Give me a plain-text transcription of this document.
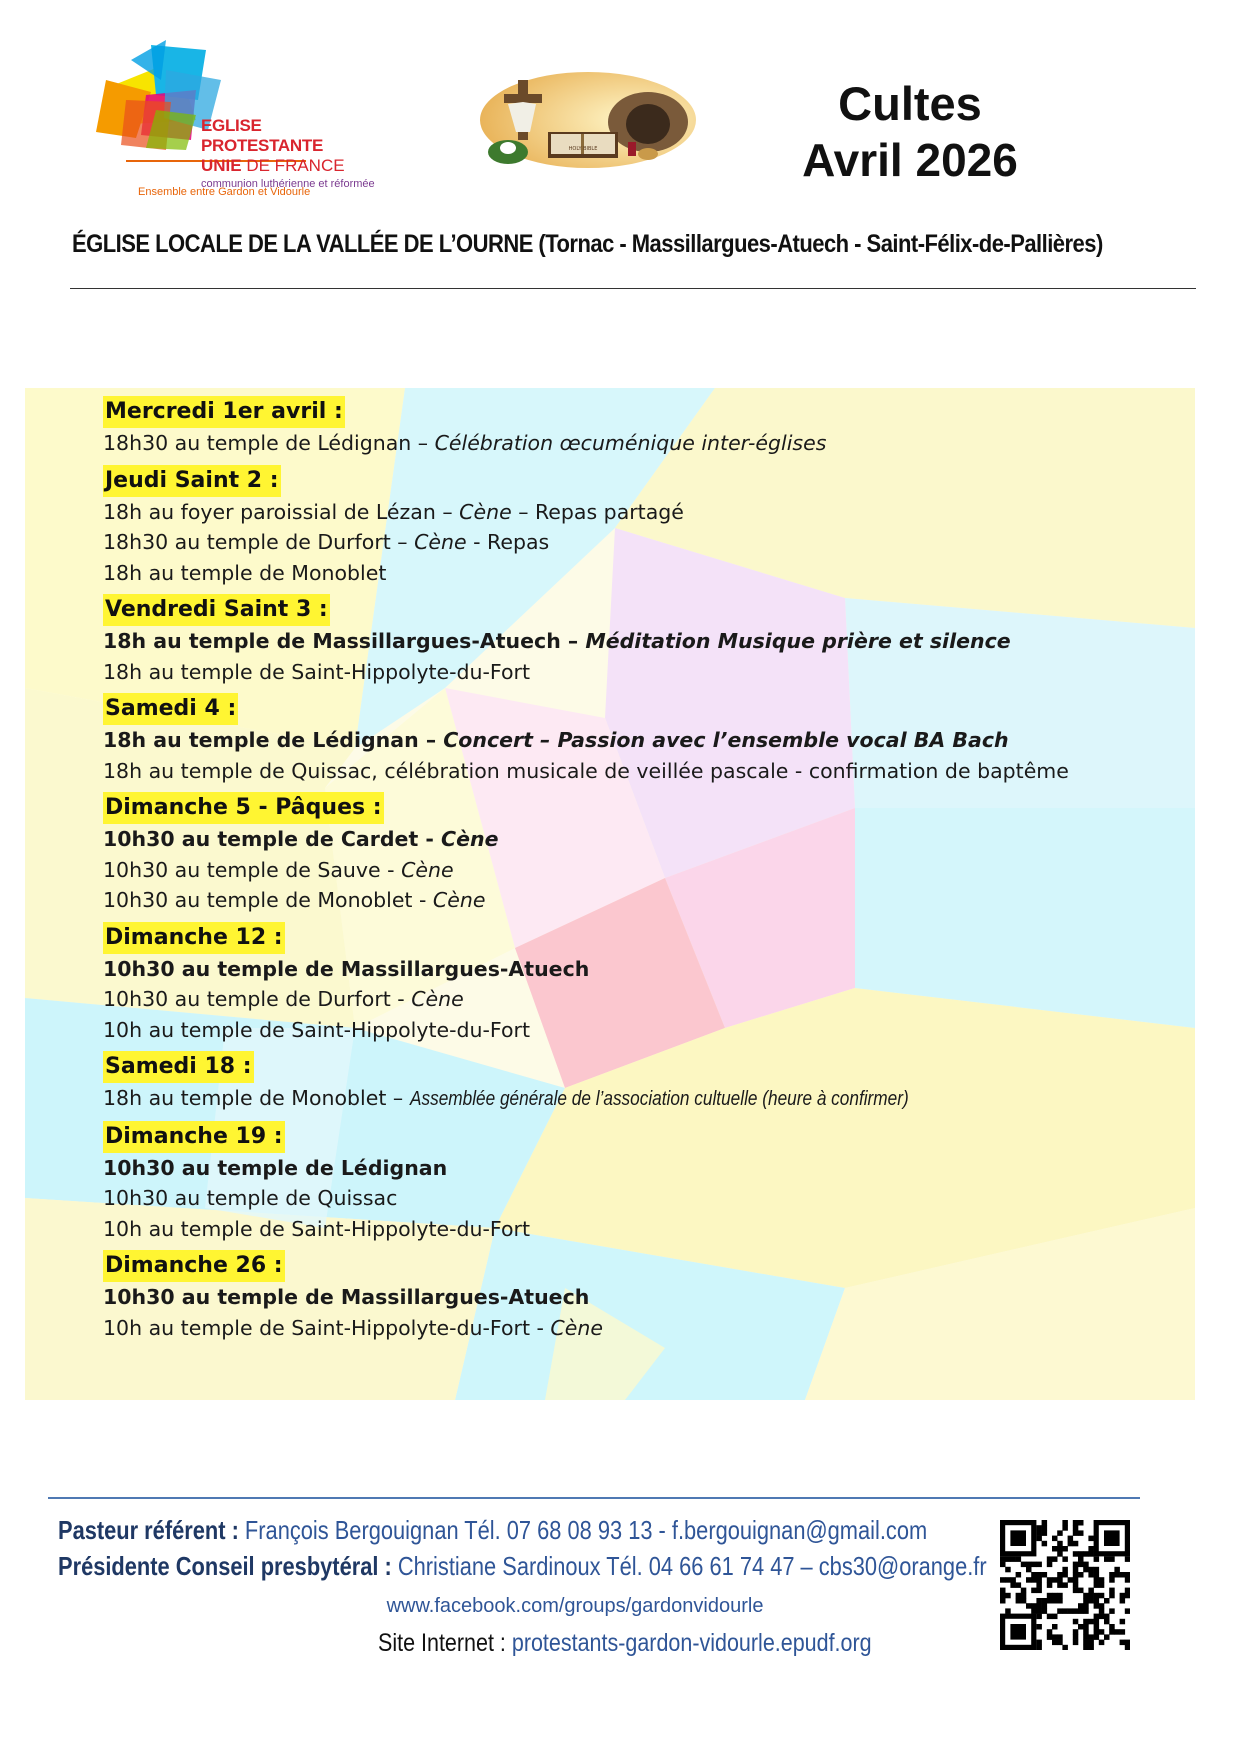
EGLISE PROTESTANTE
UNIE DE FRANCE
communion luthérienne et réformée
Ensemble entre Gardon et Vidourle
HOLY BIBLE
Cultes
Avril 2026
ÉGLISE LOCALE DE LA VALLÉE DE L’OURNE (Tornac - Massillargues-Atuech - Saint-Félix-de-Pallières)
Mercredi 1er avril :
18h30 au temple de Lédignan – Célébration œcuménique inter-églises
Jeudi Saint 2 :
18h au foyer paroissial de Lézan – Cène – Repas partagé
18h30 au temple de Durfort – Cène - Repas
18h au temple de Monoblet
Vendredi Saint 3 :
18h au temple de Massillargues-Atuech – Méditation Musique prière et silence
18h au temple de Saint-Hippolyte-du-Fort
Samedi 4 :
18h au temple de Lédignan – Concert – Passion avec l’ensemble vocal BA Bach
18h au temple de Quissac, célébration musicale de veillée pascale - confirmation de baptême
Dimanche 5 - Pâques :
10h30 au temple de Cardet - Cène
10h30 au temple de Sauve - Cène
10h30 au temple de Monoblet - Cène
Dimanche 12 :
10h30 au temple de Massillargues-Atuech
10h30 au temple de Durfort - Cène
10h au temple de Saint-Hippolyte-du-Fort
Samedi 18 :
18h au temple de Monoblet – Assemblée générale de l’association cultuelle (heure à confirmer)
Dimanche 19 :
10h30 au temple de Lédignan
10h30 au temple de Quissac
10h au temple de Saint-Hippolyte-du-Fort
Dimanche 26 :
10h30 au temple de Massillargues-Atuech
10h au temple de Saint-Hippolyte-du-Fort - Cène
Pasteur référent : François Bergouignan Tél. 07 68 08 93 13 - f.bergouignan@gmail.com
Présidente Conseil presbytéral : Christiane Sardinoux Tél. 04 66 61 74 47 – cbs30@orange.fr
www.facebook.com/groups/gardonvidourle
Site Internet : protestants-gardon-vidourle.epudf.org
